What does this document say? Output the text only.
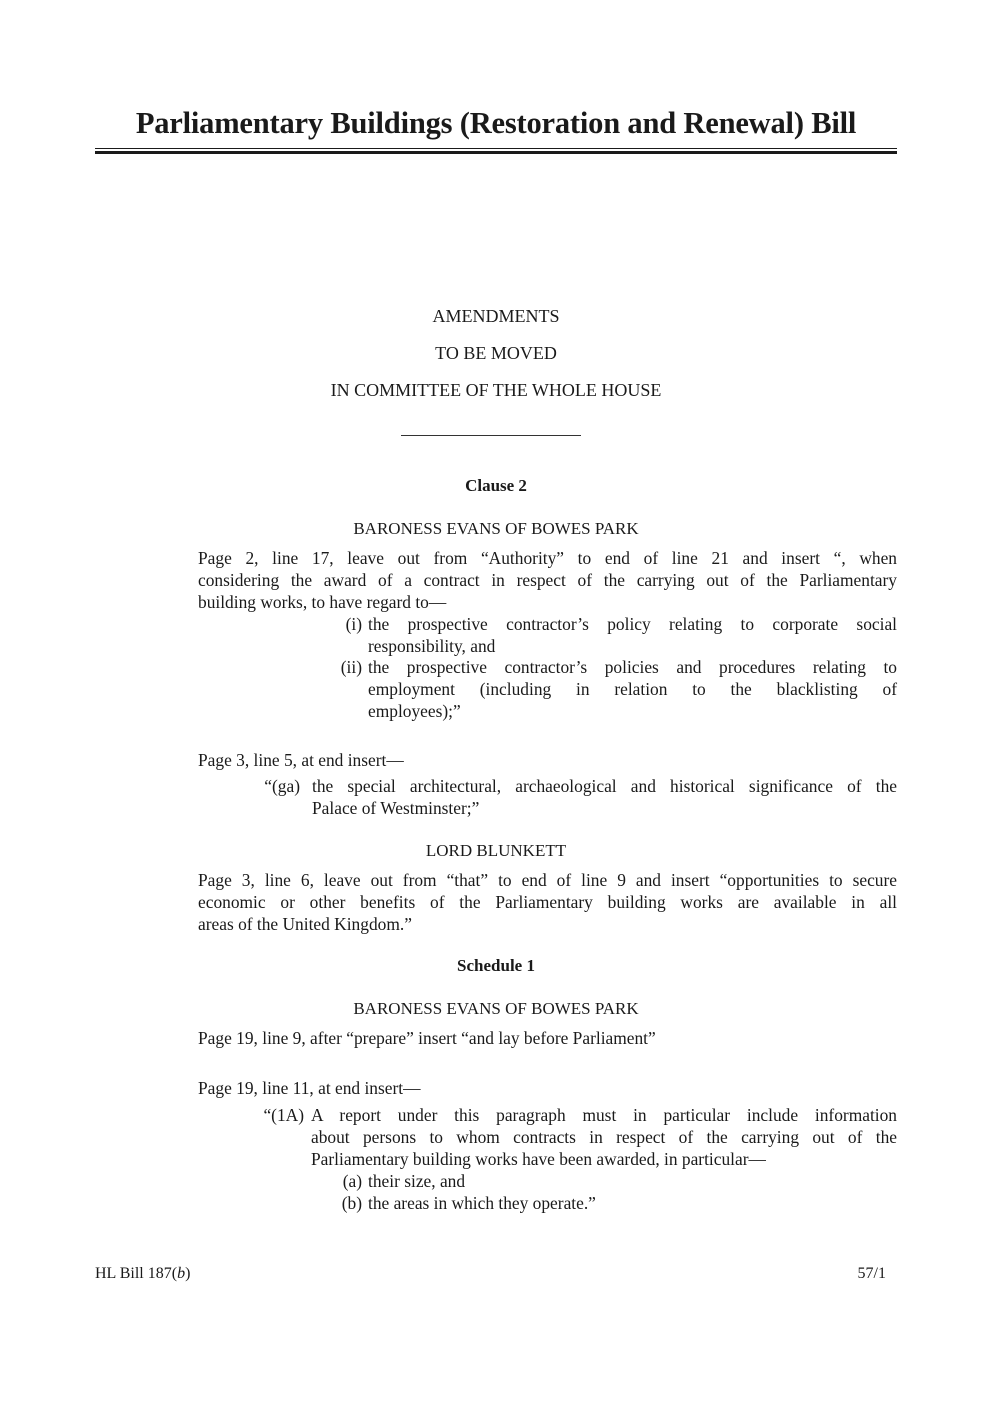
Parliamentary Buildings (Restoration and Renewal) Bill
AMENDMENTS
TO BE MOVED
IN COMMITTEE OF THE WHOLE HOUSE
Clause 2
BARONESS EVANS OF BOWES PARK
Page 2, line 17, leave out from “Authority” to end of line 21 and insert “, when
considering the award of a contract in respect of the carrying out of the Parliamentary
building works, to have regard to—
(i) the prospective contractor’s policy relating to corporate social
responsibility, and
(ii) the prospective contractor’s policies and procedures relating to
employment (including in relation to the blacklisting of
employees);”
Page 3, line 5, at end insert—
“(ga) the special architectural, archaeological and historical significance of the
Palace of Westminster;”
LORD BLUNKETT
Page 3, line 6, leave out from “that” to end of line 9 and insert “opportunities to secure
economic or other benefits of the Parliamentary building works are available in all
areas of the United Kingdom.”
Schedule 1
BARONESS EVANS OF BOWES PARK
Page 19, line 9, after “prepare” insert “and lay before Parliament”
Page 19, line 11, at end insert—
“(1A) A report under this paragraph must in particular include information
about persons to whom contracts in respect of the carrying out of the
Parliamentary building works have been awarded, in particular—
(a) their size, and
(b) the areas in which they operate.”
HL Bill 187(b)	57/1
